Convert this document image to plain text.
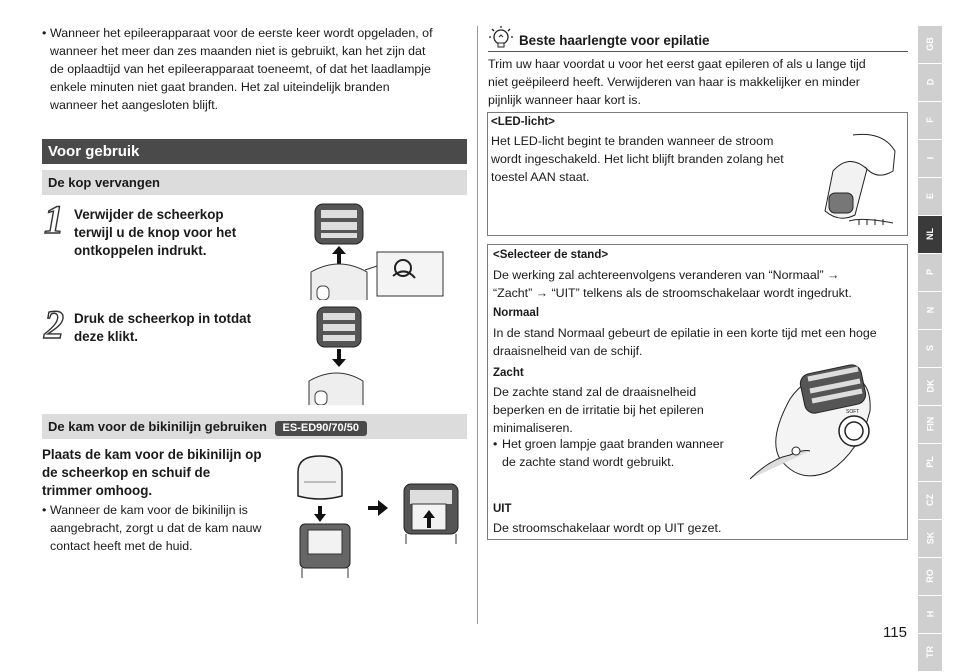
• Wanneer het epileerapparaat voor de eerste keer wordt opgeladen, of
wanneer het meer dan zes maanden niet is gebruikt, kan het zijn dat
de oplaadtijd van het epileerapparaat toeneemt, of dat het laadlampje
enkele minuten niet gaat branden. Het zal uiteindelijk branden
wanneer het aangesloten blijft.
Voor gebruik
De kop vervangen
1 Verwijder de scheerkop
terwijl u de knop voor het
ontkoppelen indrukt.
2 Druk de scheerkop in totdat
deze klikt.
De kam voor de bikinilijn gebruiken ES-ED90/70/50
Plaats de kam voor de bikinilijn op
de scheerkop en schuif de
trimmer omhoog.
• Wanneer de kam voor de bikinilijn is
aangebracht, zorgt u dat de kam nauw
contact heeft met de huid.
Beste haarlengte voor epilatie
Trim uw haar voordat u voor het eerst gaat epileren of als u lange tijd
niet geëpileerd heeft. Verwijderen van haar is makkelijker en minder
pijnlijk wanneer haar kort is.
<LED-licht>
Het LED-licht begint te branden wanneer de stroom
wordt ingeschakeld. Het licht blijft branden zolang het
toestel AAN staat.
<Selecteer de stand>
De werking zal achtereenvolgens veranderen van “Normaal” →
“Zacht” → “UIT” telkens als de stroomschakelaar wordt ingedrukt.
Normaal
In de stand Normaal gebeurt de epilatie in een korte tijd met een hoge
draaisnelheid van de schijf.
Zacht
De zachte stand zal de draaisnelheid
beperken en de irritatie bij het epileren
minimaliseren.
• Het groen lampje gaat branden wanneer
de zachte stand wordt gebruikt.
SOFT
UIT
De stroomschakelaar wordt op UIT gezet.
GB
D
F
I
E
NL
P
N
S
DK
FIN
PL
CZ
SK
RO
H
TR
115
